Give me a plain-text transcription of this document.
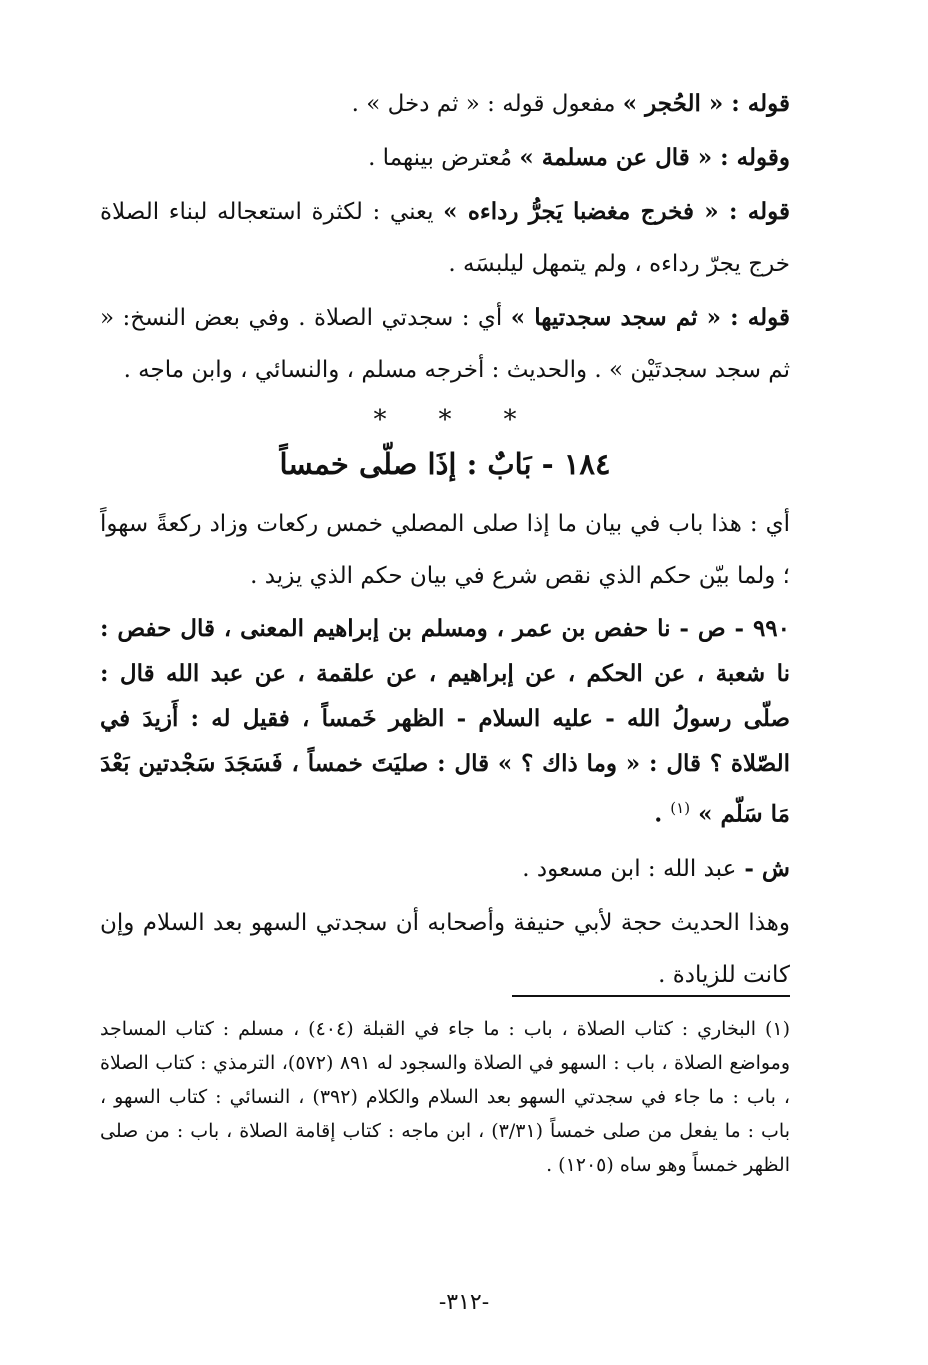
قوله : « الحُجر » مفعول قوله : « ثم دخل » .

وقوله : « قال عن مسلمة » مُعترض بينهما .

قوله : « فخرج مغضبا يَجرُّ رداءه » يعني : لكثرة استعجاله لبناء الصلاة خرج يجرّ رداءه ، ولم يتمهل ليلبسَه .

قوله : « ثم سجد سجدتيها » أي : سجدتي الصلاة . وفي بعض النسخ: « ثم سجد سجدتَيْن » . والحديث : أخرجه مسلم ، والنسائي ، وابن ماجه .

***
١٨٤ - بَابٌ : إذَا صلّى خمساً

أي : هذا باب في بيان ما إذا صلى المصلي خمس ركعات وزاد ركعةً سهواً ؛ ولما بيّن حكم الذي نقص شرع في بيان حكم الذي يزيد .

٩٩٠ - ص - نا حفص بن عمر ، ومسلم بن إبراهيم المعنى ، قال حفص : نا شعبة ، عن الحكم ، عن إبراهيم ، عن علقمة ، عن عبد الله قال : صلّى رسولُ الله - عليه السلام - الظهر خَمساً ، فقيل له : أَزيدَ في الصّلاة ؟ قال : « وما ذاك ؟ » قال : صليَتَ خمساً ، فَسَجَدَ سَجْدتين بَعْدَ مَا سَلّم » $^{(١)}$ .

ش - عبد الله : ابن مسعود .

وهذا الحديث حجة لأبي حنيفة وأصحابه أن سجدتي السهو بعد السلام وإن كانت للزيادة .

(١) البخاري : كتاب الصلاة ، باب : ما جاء في القبلة (٤٠٤) ، مسلم : كتاب المساجد ومواضع الصلاة ، باب : السهو في الصلاة والسجود له ٨٩١ (٥٧٢)، الترمذي : كتاب الصلاة ، باب : ما جاء في سجدتي السهو بعد السلام والكلام (٣٩٢) ، النسائي : كتاب السهو ، باب : ما يفعل من صلى خمساً (٣/٣١) ، ابن ماجه : كتاب إقامة الصلاة ، باب : من صلى الظهر خمساً وهو ساه (١٢٠٥) .

-٣١٢-
